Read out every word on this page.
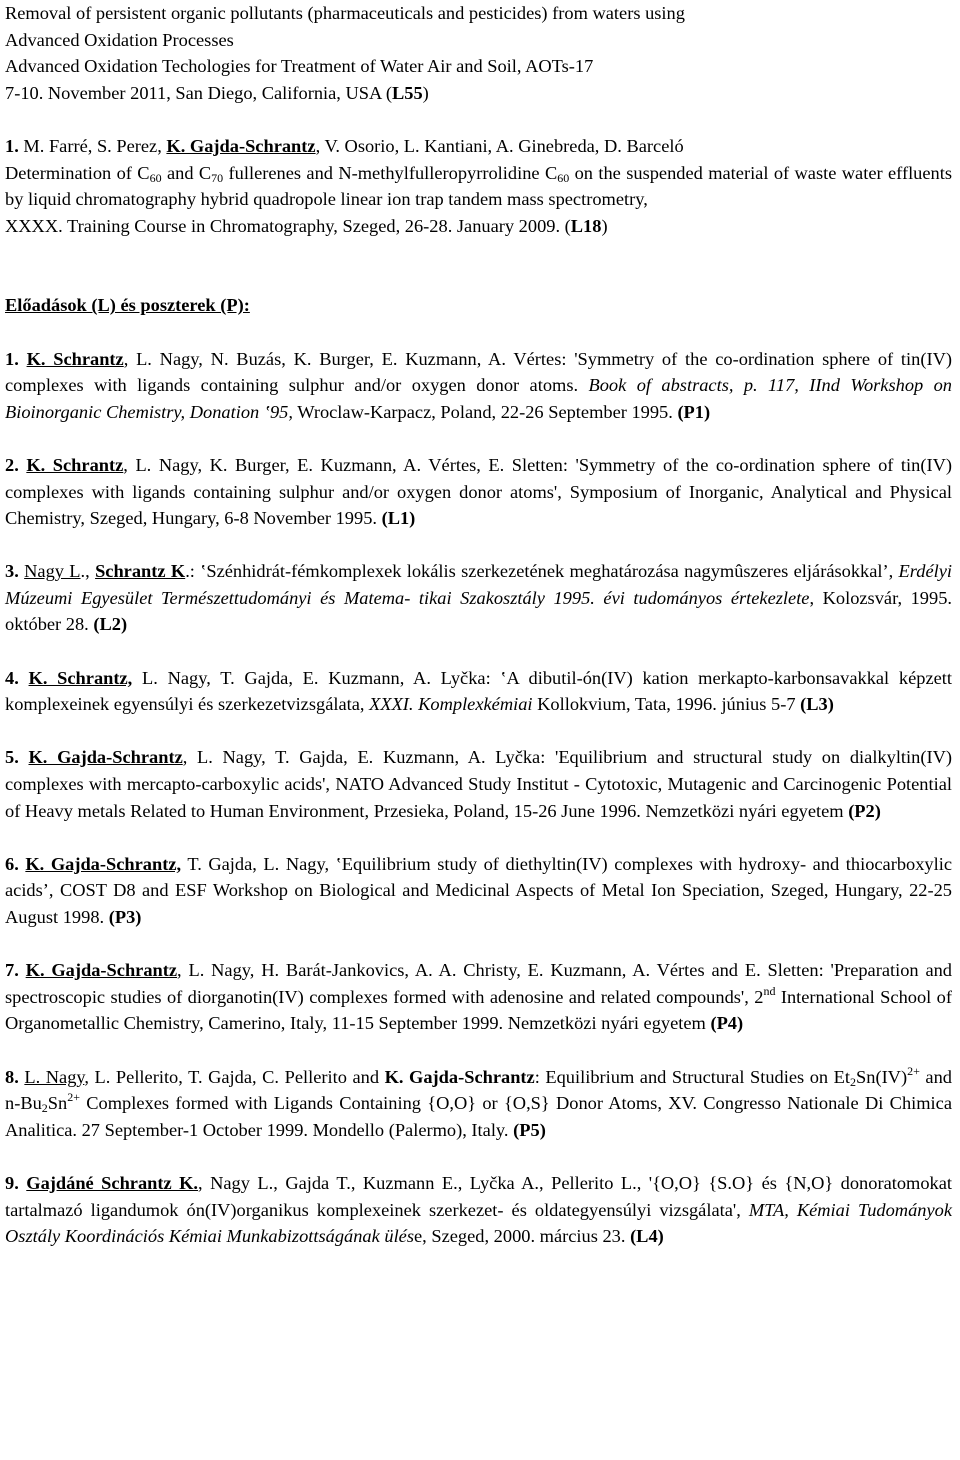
Removal of persistent organic pollutants (pharmaceuticals and pesticides) from waters using
Advanced Oxidation Processes
Advanced Oxidation Techologies for Treatment of Water Air and Soil, AOTs-17
7-10. November 2011, San Diego, California, USA (L55)

1. M. Farré, S. Perez, K. Gajda-Schrantz, V. Osorio, L. Kantiani, A. Ginebreda, D. Barceló
Determination of $C_{60}$ and $C_{70}$ fullerenes and N-methylfulleropyrrolidine $C_{60}$ on the suspended material of waste water effluents by liquid chromatography hybrid quadropole linear ion trap tandem mass spectrometry,
XXXX. Training Course in Chromatography, Szeged, 26-28. January 2009. (L18)

Előadások (L) és poszterek (P):

1. K. Schrantz, L. Nagy, N. Buzás, K. Burger, E. Kuzmann, A. Vértes: 'Symmetry of the co-ordination sphere of tin(IV) complexes with ligands containing sulphur and/or oxygen donor atoms. Book of abstracts, p. 117, IInd Workshop on Bioinorganic Chemistry, Donation ‛95, Wroclaw-Karpacz, Poland, 22-26 September 1995. (P1)

2. K. Schrantz, L. Nagy, K. Burger, E. Kuzmann, A. Vértes, E. Sletten: 'Symmetry of the co-ordination sphere of tin(IV) complexes with ligands containing sulphur and/or oxygen donor atoms', Symposium of Inorganic, Analytical and Physical Chemistry, Szeged, Hungary, 6-8 November 1995. (L1)

3. Nagy L., Schrantz K.: ‛Szénhidrát-fémkomplexek lokális szerkezetének meghatározása nagymûszeres eljárásokkal’, Erdélyi Múzeumi Egyesület Természettudományi és Matema- tikai Szakosztály 1995. évi tudományos értekezlete, Kolozsvár, 1995. október 28. (L2)

4. K. Schrantz, L. Nagy, T. Gajda, E. Kuzmann, A. Lyčka: ‛A dibutil-ón(IV) kation merkapto-karbonsavakkal képzett komplexeinek egyensúlyi és szerkezetvizsgálata, XXXI. Komplexkémiai Kollokvium, Tata, 1996. június 5-7 (L3)

5. K. Gajda-Schrantz, L. Nagy, T. Gajda, E. Kuzmann, A. Lyčka: 'Equilibrium and structural study on dialkyltin(IV) complexes with mercapto-carboxylic acids', NATO Advanced Study Institut - Cytotoxic, Mutagenic and Carcinogenic Potential of Heavy metals Related to Human Environment, Przesieka, Poland, 15-26 June 1996. Nemzetközi nyári egyetem (P2)

6. K. Gajda-Schrantz, T. Gajda, L. Nagy, ‛Equilibrium study of diethyltin(IV) complexes with hydroxy- and thiocarboxylic acids’, COST D8 and ESF Workshop on Biological and Medicinal Aspects of Metal Ion Speciation, Szeged, Hungary, 22-25 August 1998. (P3)

7. K. Gajda-Schrantz, L. Nagy, H. Barát-Jankovics, A. A. Christy, E. Kuzmann, A. Vértes and E. Sletten: 'Preparation and spectroscopic studies of diorganotin(IV) complexes formed with adenosine and related compounds', 2nd International School of Organometallic Chemistry, Camerino, Italy, 11-15 September 1999. Nemzetközi nyári egyetem (P4)

8. L. Nagy, L. Pellerito, T. Gajda, C. Pellerito and K. Gajda-Schrantz: Equilibrium and Structural Studies on $Et_2Sn(IV)^{2+}$ and $n-Bu_2Sn^{2+}$ Complexes formed with Ligands Containing {O,O} or {O,S} Donor Atoms, XV. Congresso Nationale Di Chimica Analitica. 27 September-1 October 1999. Mondello (Palermo), Italy. (P5)

9. Gajdáné Schrantz K., Nagy L., Gajda T., Kuzmann E., Lyčka A., Pellerito L., '{O,O} {S.O} és {N,O} donoratomokat tartalmazó ligandumok ón(IV)organikus komplexeinek szerkezet- és oldategyensúlyi vizsgálata', MTA, Kémiai Tudományok Osztály Koordinációs Kémiai Munkabizottságának ülése, Szeged, 2000. március 23. (L4)
